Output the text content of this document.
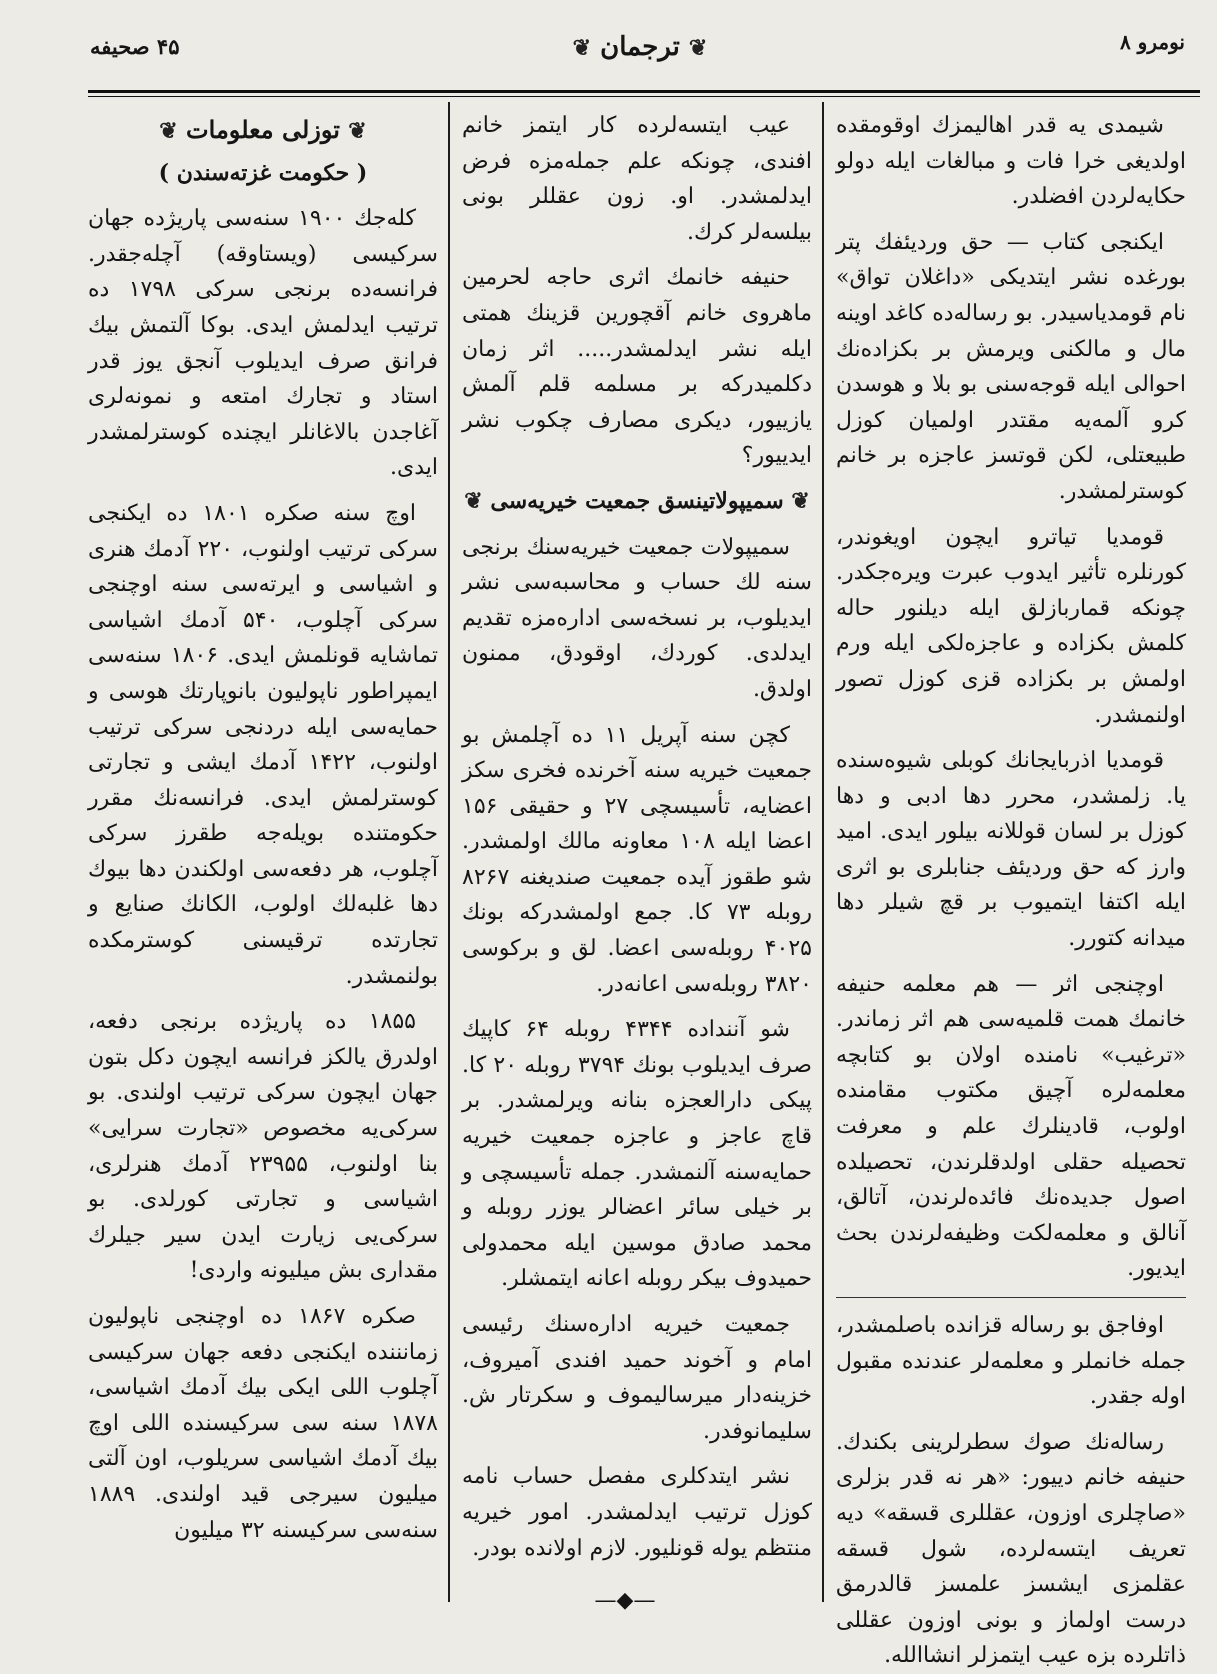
نومرو ۸
❦ ترجمان ❦
۴۵ صحیفه

شیمدی یه قدر اهالیمزك اوقومقده اولدیغی خرا فات و مبالغات ایله دولو حکایه‌لردن افضلدر.

ایکنجی کتاب — حق وردیئفك پتر بورغده نشر ایتدیکی «داغلان تواق» نام قومدیاسیدر. بو رساله‌ده کاغد اوینه مال و مالکنی ویرمش بر بکزاده‌نك احوالی ایله قوجه‌سنی بو بلا و هوسدن کرو آلمه‌یه مقتدر اولمیان کوزل طبیعتلی، لکن قوتسز عاجزه بر خانم کوسترلمشدر.

قومدیا تیاترو ایچون اویغوندر، کورنلره تأثیر ایدوب عبرت ویره‌جکدر. چونکه قماربازلق ایله دیلنور حاله کلمش بکزاده و عاجزه‌لکی ایله ورم اولمش بر بکزاده قزی کوزل تصور اولنمشدر.

قومدیا اذربایجانك کوبلی شیوه‌سنده یا. زلمشدر، محرر دها ادبی و دها کوزل بر لسان قوللانه بیلور ایدی. امید وارز که حق وردیئف جنابلری بو اثری ایله اکتفا ایتمیوب بر قچ شیلر دها میدانه کتورر.

اوچنجی اثر — هم معلمه حنیفه خانمك همت قلمیه‌سی هم اثر زماندر. «ترغیب» نامنده اولان بو کتابچه معلمه‌لره آچیق مکتوب مقامنده اولوب، قادینلرك علم و معرفت تحصیله حقلی اولدقلرندن، تحصیلده اصول جدیده‌نك فائده‌لرندن، آتالق، آنالق و معلمه‌لکت وظیفه‌لرندن بحث ایدیور.

اوفاجق بو رساله قزانده باصلمشدر، جمله خانملر و معلمه‌لر عندنده مقبول اوله جقدر.

رساله‌نك صوك سطرلرینی بکندك. حنیفه خانم دییور: «هر نه قدر بزلری «صاچلری اوزون، عقللری قسقه» دیه تعریف ایتسه‌لرده، شول قسقه عقلمزی ایشسز علمسز قالدرمق درست اولماز و بونی اوزون عقللی ذاتلرده بزه عیب ایتمزلر انشاالله.

عیب ایتسه‌لرده کار ایتمز خانم افندی، چونکه علم جمله‌مزه فرض ایدلمشدر. او. زون عقللر بونی بیلسه‌لر کرك.

حنیفه خانمك اثری حاجه لحرمین ماهروی خانم آقچورین قزینك همتی ایله نشر ایدلمشدر..... اثر زمان دکلمیدرکه بر مسلمه قلم آلمش یازییور، دیکری مصارف چکوب نشر ایدییور؟

❦ سمیپولاتینسق جمعیت خیریه‌سی ❦

سمیپولات جمعیت خیریه‌سنك برنجی سنه لك حساب و محاسبه‌سی نشر ایدیلوب، بر نسخه‌سی اداره‌مزه تقدیم ایدلدی. کوردك، اوقودق، ممنون اولدق.

کچن سنه آپریل ۱۱ ده آچلمش بو جمعیت خیریه سنه آخرنده فخری سکز اعضایه، تأسیسچی ۲۷ و حقیقی ۱۵۶ اعضا ایله ۱۰۸ معاونه مالك اولمشدر. شو طقوز آیده جمعیت صندیغنه ۸۲۶۷ روبله ۷۳ کا. جمع اولمشدرکه بونك ۴۰۲۵ روبله‌سی اعضا. لق و برکوسی ۳۸۲۰ روبله‌سی اعانه‌در.

شو آننداده ۴۳۴۴ روبله ۶۴ کاپیك صرف ایدیلوب بونك ۳۷۹۴ روبله ۲۰ کا. پیکی دارالعجزه بنانه ویرلمشدر. بر قاچ عاجز و عاجزه جمعیت خیریه حمایه‌سنه آلنمشدر. جمله تأسیسچی و بر خیلی سائر اعضالر یوزر روبله و محمد صادق موسین ایله محمدولی حمیدوف بیکر روبله اعانه ایتمشلر.

جمعیت خیریه اداره‌سنك رئیسی امام و آخوند حمید افندی آمیروف، خزینه‌دار میرسالیموف و سکرتار ش. سلیمانوفدر.

نشر ایتدکلری مفصل حساب نامه کوزل ترتیب ایدلمشدر. امور خیریه منتظم یوله قونلیور. لازم اولانده بودر.

❦ توزلی معلومات ❦
( حکومت غزته‌سندن )

کله‌جك ۱۹۰۰ سنه‌سی پاریژده جهان سرکیسی (ویستاوقه) آچله‌جقدر. فرانسه‌ده برنجی سرکی ۱۷۹۸ ده ترتیب ایدلمش ایدی. بوکا آلتمش بیك فرانق صرف ایدیلوب آنجق یوز قدر استاد و تجارك امتعه و نمونه‌لری آغاجدن بالاغانلر ایچنده کوسترلمشدر ایدی.

اوچ سنه صکره ۱۸۰۱ ده ایکنجی سرکی ترتیب اولنوب، ۲۲۰ آدمك هنری و اشیاسی و ایرته‌سی سنه اوچنجی سرکی آچلوب، ۵۴۰ آدمك اشیاسی تماشایه قونلمش ایدی. ۱۸۰۶ سنه‌سی ایمپراطور ناپولیون بانوپارتك هوسی و حمایه‌سی ایله دردنجی سرکی ترتیب اولنوب، ۱۴۲۲ آدمك ایشی و تجارتی کوسترلمش ایدی. فرانسه‌نك مقرر حکومتنده بویله‌جه طقرز سرکی آچلوب، هر دفعه‌سی اولکندن دها بیوك دها غلبه‌لك اولوب، الکانك صنایع و تجارتده ترقیسنی کوسترمکده بولنمشدر.

۱۸۵۵ ده پاریژده برنجی دفعه، اولدرق یالکز فرانسه ایچون دکل بتون جهان ایچون سرکی ترتیب اولندی. بو سرکی‌یه مخصوص «تجارت سرایی» بنا اولنوب، ۲۳۹۵۵ آدمك هنرلری، اشیاسی و تجارتی کورلدی. بو سرکی‌یی زیارت ایدن سیر جیلرك مقداری بش میلیونه واردی!

صکره ۱۸۶۷ ده اوچنجی ناپولیون زمانننده ایکنجی دفعه جهان سرکیسی آچلوب اللی ایکی بیك آدمك اشیاسی، ۱۸۷۸ سنه سی سرکیسنده اللی اوچ بیك آدمك اشیاسی سریلوب، اون آلتی میلیون سیرجی قید اولندی. ۱۸۸۹ سنه‌سی سرکیسنه ۳۲ میلیون

—◆—
